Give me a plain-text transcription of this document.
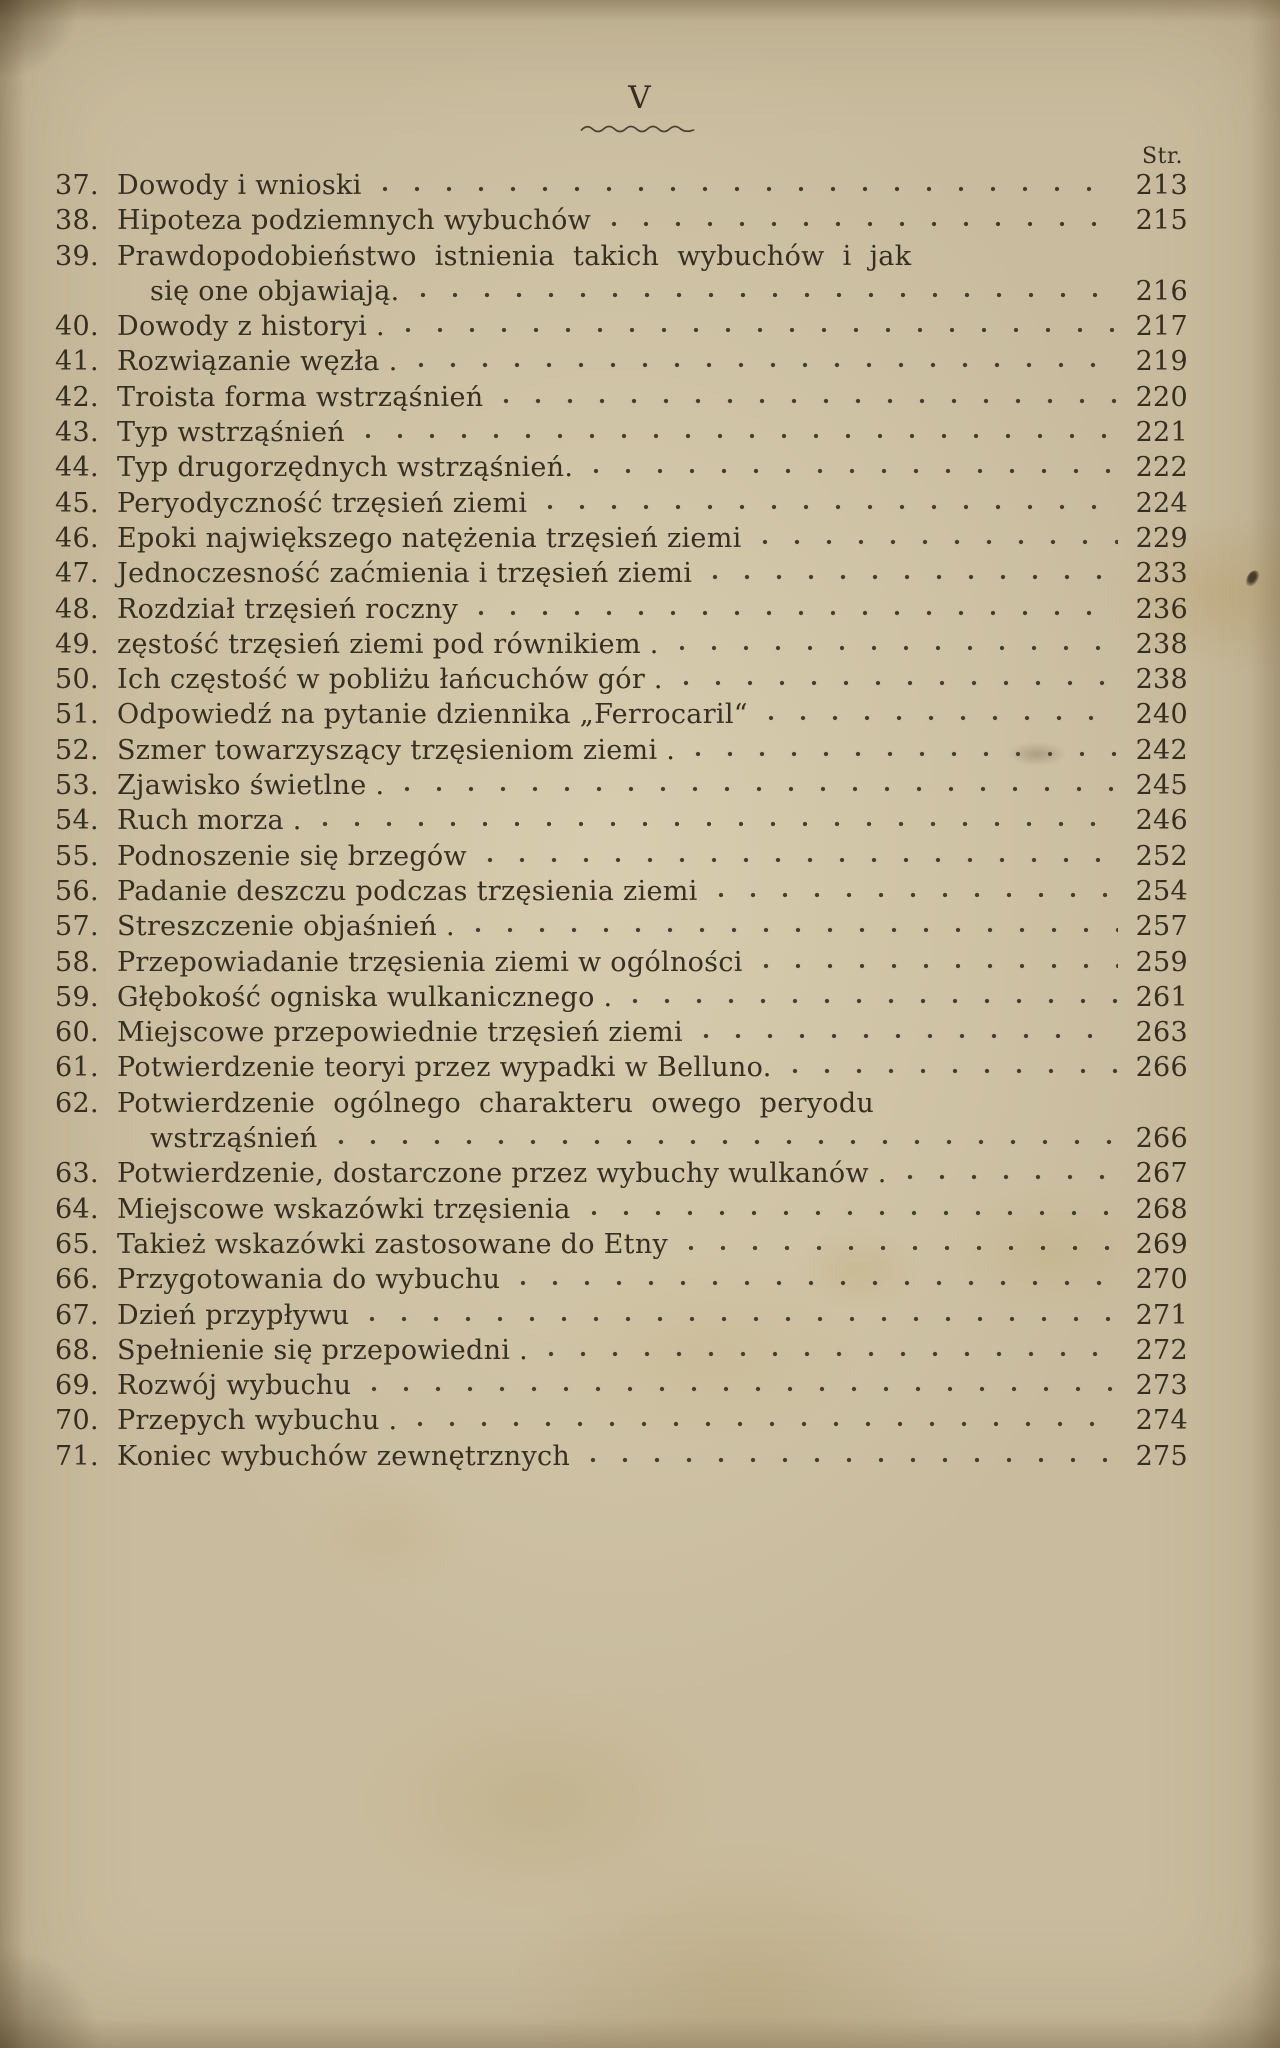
V
Str.
37. Dowody i wnioski	213
38. Hipoteza podziemnych wybuchów	215
39. Prawdopodobieństwo istnienia takich wybuchów i jak
się one objawiają.	216
40. Dowody z historyi .	217
41. Rozwiązanie węzła .	219
42. Troista forma wstrząśnień	220
43. Typ wstrząśnień	221
44. Typ drugorzędnych wstrząśnień.	222
45. Peryodyczność trzęsień ziemi	224
46. Epoki największego natężenia trzęsień ziemi	229
47. Jednoczesność zaćmienia i trzęsień ziemi	233
48. Rozdział trzęsień roczny	236
49. zęstość trzęsień ziemi pod równikiem .	238
50. Ich częstość w pobliżu łańcuchów gór .	238
51. Odpowiedź na pytanie dziennika „Ferrocaril“	240
52. Szmer towarzyszący trzęsieniom ziemi .	242
53. Zjawisko świetlne .	245
54. Ruch morza .	246
55. Podnoszenie się brzegów	252
56. Padanie deszczu podczas trzęsienia ziemi	254
57. Streszczenie objaśnień .	257
58. Przepowiadanie trzęsienia ziemi w ogólności	259
59. Głębokość ogniska wulkanicznego .	261
60. Miejscowe przepowiednie trzęsień ziemi	263
61. Potwierdzenie teoryi przez wypadki w Belluno.	266
62. Potwierdzenie ogólnego charakteru owego peryodu
wstrząśnień	266
63. Potwierdzenie, dostarczone przez wybuchy wulkanów .	267
64. Miejscowe wskazówki trzęsienia	268
65. Takież wskazówki zastosowane do Etny	269
66. Przygotowania do wybuchu	270
67. Dzień przypływu	271
68. Spełnienie się przepowiedni .	272
69. Rozwój wybuchu	273
70. Przepych wybuchu .	274
71. Koniec wybuchów zewnętrznych	275
